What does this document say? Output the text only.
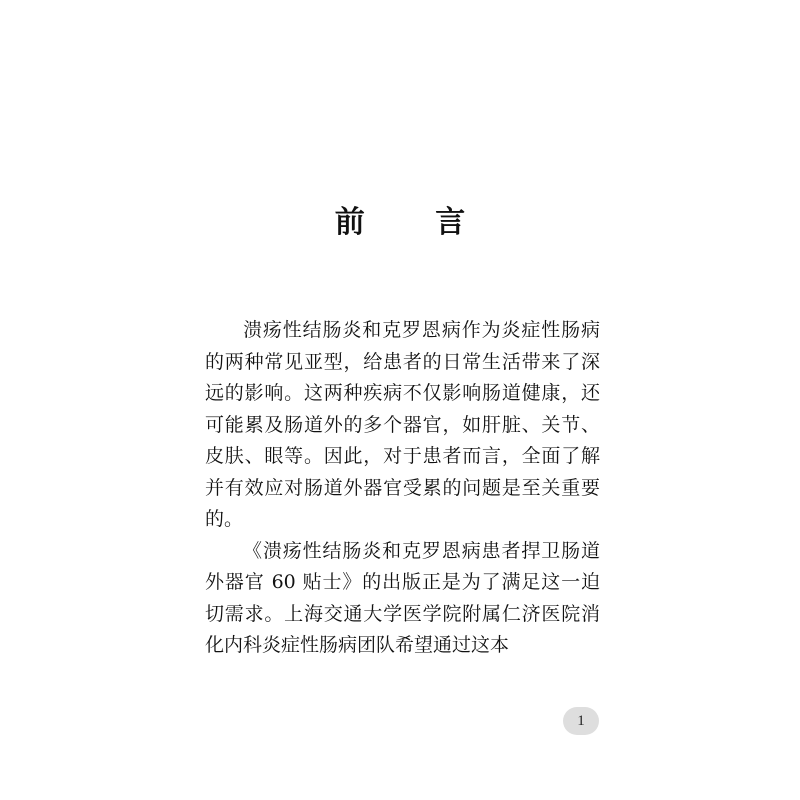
前 言

溃疡性结肠炎和克罗恩病作为炎症性肠病的两种常见亚型，给患者的日常生活带来了深远的影响。这两种疾病不仅影响肠道健康，还可能累及肠道外的多个器官，如肝脏、关节、皮肤、眼等。因此，对于患者而言，全面了解并有效应对肠道外器官受累的问题是至关重要的。

《溃疡性结肠炎和克罗恩病患者捍卫肠道外器官 60 贴士》的出版正是为了满足这一迫切需求。上海交通大学医学院附属仁济医院消化内科炎症性肠病团队希望通过这本

1
